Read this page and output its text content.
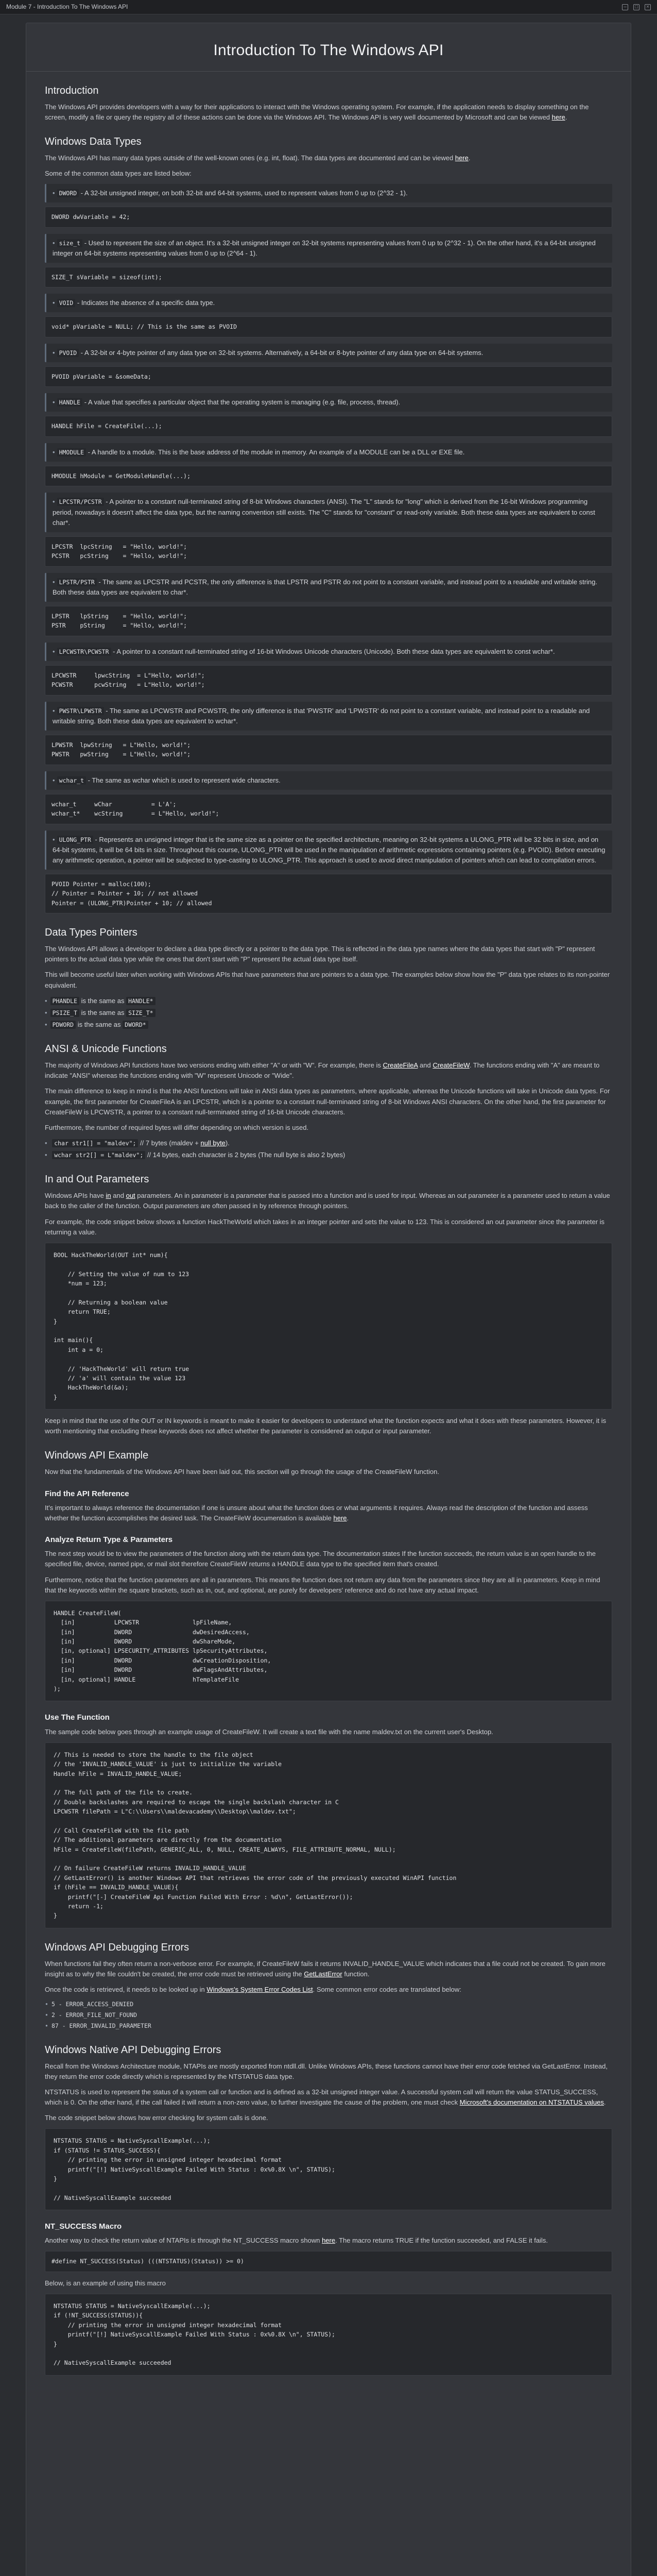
Module 7 - Introduction To The Windows API	–	□	×
Introduction To The Windows API
Introduction

The Windows API provides developers with a way for their applications to interact with the Windows operating system. For example, if the application needs to display something on the screen, modify a file or query the registry all of these actions can be done via the Windows API. The Windows API is very well documented by Microsoft and can be viewed here.

Windows Data Types

The Windows API has many data types outside of the well-known ones (e.g. int, float). The data types are documented and can be viewed here.

Some of the common data types are listed below:

• DWORD - A 32-bit unsigned integer, on both 32-bit and 64-bit systems, used to represent values from 0 up to (2^32 - 1).
DWORD dwVariable = 42;
• size_t - Used to represent the size of an object. It's a 32-bit unsigned integer on 32-bit systems representing values from 0 up to (2^32 - 1). On the other hand, it's a 64-bit unsigned integer on 64-bit systems representing values from 0 up to (2^64 - 1).
SIZE_T sVariable = sizeof(int);
• VOID - Indicates the absence of a specific data type.
void* pVariable = NULL; // This is the same as PVOID
• PVOID - A 32-bit or 4-byte pointer of any data type on 32-bit systems. Alternatively, a 64-bit or 8-byte pointer of any data type on 64-bit systems.
PVOID pVariable = &someData;
• HANDLE - A value that specifies a particular object that the operating system is managing (e.g. file, process, thread).
HANDLE hFile = CreateFile(...);
• HMODULE - A handle to a module. This is the base address of the module in memory. An example of a MODULE can be a DLL or EXE file.
HMODULE hModule = GetModuleHandle(...);
• LPCSTR/PCSTR - A pointer to a constant null-terminated string of 8-bit Windows characters (ANSI). The "L" stands for "long" which is derived from the 16-bit Windows programming period, nowadays it doesn't affect the data type, but the naming convention still exists. The "C" stands for "constant" or read-only variable. Both these data types are equivalent to const char*.
LPCSTR  lpcString   = "Hello, world!";
PCSTR   pcString    = "Hello, world!";
• LPSTR/PSTR - The same as LPCSTR and PCSTR, the only difference is that LPSTR and PSTR do not point to a constant variable, and instead point to a readable and writable string. Both these data types are equivalent to char*.
LPSTR   lpString    = "Hello, world!";
PSTR    pString     = "Hello, world!";
• LPCWSTR\PCWSTR - A pointer to a constant null-terminated string of 16-bit Windows Unicode characters (Unicode). Both these data types are equivalent to const wchar*.
LPCWSTR     lpwcString  = L"Hello, world!";
PCWSTR      pcwString   = L"Hello, world!";
• PWSTR\LPWSTR - The same as LPCWSTR and PCWSTR, the only difference is that 'PWSTR' and 'LPWSTR' do not point to a constant variable, and instead point to a readable and writable string. Both these data types are equivalent to wchar*.
LPWSTR  lpwString   = L"Hello, world!";
PWSTR   pwString    = L"Hello, world!";
• wchar_t - The same as wchar which is used to represent wide characters.
wchar_t     wChar           = L'A';
wchar_t*    wcString        = L"Hello, world!";
• ULONG_PTR - Represents an unsigned integer that is the same size as a pointer on the specified architecture, meaning on 32-bit systems a ULONG_PTR will be 32 bits in size, and on 64-bit systems, it will be 64 bits in size. Throughout this course, ULONG_PTR will be used in the manipulation of arithmetic expressions containing pointers (e.g. PVOID). Before executing any arithmetic operation, a pointer will be subjected to type-casting to ULONG_PTR. This approach is used to avoid direct manipulation of pointers which can lead to compilation errors.
PVOID Pointer = malloc(100);
// Pointer = Pointer + 10; // not allowed
Pointer = (ULONG_PTR)Pointer + 10; // allowed
Data Types Pointers

The Windows API allows a developer to declare a data type directly or a pointer to the data type. This is reflected in the data type names where the data types that start with "P" represent pointers to the actual data type while the ones that don't start with "P" represent the actual data type itself.

This will become useful later when working with Windows APIs that have parameters that are pointers to a data type. The examples below show how the "P" data type relates to its non-pointer equivalent.

• PHANDLE is the same as HANDLE*
• PSIZE_T is the same as SIZE_T*
• PDWORD is the same as DWORD*
ANSI & Unicode Functions

The majority of Windows API functions have two versions ending with either "A" or with "W". For example, there is CreateFileA and CreateFileW. The functions ending with "A" are meant to indicate "ANSI" whereas the functions ending with "W" represent Unicode or "Wide".

The main difference to keep in mind is that the ANSI functions will take in ANSI data types as parameters, where applicable, whereas the Unicode functions will take in Unicode data types. For example, the first parameter for CreateFileA is an LPCSTR, which is a pointer to a constant null-terminated string of 8-bit Windows ANSI characters. On the other hand, the first parameter for CreateFileW is LPCWSTR, a pointer to a constant null-terminated string of 16-bit Unicode characters.

Furthermore, the number of required bytes will differ depending on which version is used.

• char str1[] = "maldev"; // 7 bytes (maldev + null byte).
• wchar str2[] = L"maldev"; // 14 bytes, each character is 2 bytes (The null byte is also 2 bytes)
In and Out Parameters

Windows APIs have in and out parameters. An in parameter is a parameter that is passed into a function and is used for input. Whereas an out parameter is a parameter used to return a value back to the caller of the function. Output parameters are often passed in by reference through pointers.

For example, the code snippet below shows a function HackTheWorld which takes in an integer pointer and sets the value to 123. This is considered an out parameter since the parameter is returning a value.

BOOL HackTheWorld(OUT int* num){

// Setting the value of num to 123
*num = 123;

// Returning a boolean value
return TRUE;
}

int main(){
int a = 0;

// 'HackTheWorld' will return true
// 'a' will contain the value 123
HackTheWorld(&a);
}

Keep in mind that the use of the OUT or IN keywords is meant to make it easier for developers to understand what the function expects and what it does with these parameters. However, it is worth mentioning that excluding these keywords does not affect whether the parameter is considered an output or input parameter.

Windows API Example

Now that the fundamentals of the Windows API have been laid out, this section will go through the usage of the CreateFileW function.

Find the API Reference

It's important to always reference the documentation if one is unsure about what the function does or what arguments it requires. Always read the description of the function and assess whether the function accomplishes the desired task. The CreateFileW documentation is available here.

Analyze Return Type & Parameters

The next step would be to view the parameters of the function along with the return data type. The documentation states If the function succeeds, the return value is an open handle to the specified file, device, named pipe, or mail slot therefore CreateFileW returns a HANDLE data type to the specified item that's created.

Furthermore, notice that the function parameters are all in parameters. This means the function does not return any data from the parameters since they are all in parameters. Keep in mind that the keywords within the square brackets, such as in, out, and optional, are purely for developers' reference and do not have any actual impact.

HANDLE CreateFileW(
[in]           LPCWSTR               lpFileName,
[in]           DWORD                 dwDesiredAccess,
[in]           DWORD                 dwShareMode,
[in, optional] LPSECURITY_ATTRIBUTES lpSecurityAttributes,
[in]           DWORD                 dwCreationDisposition,
[in]           DWORD                 dwFlagsAndAttributes,
[in, optional] HANDLE                hTemplateFile
);
Use The Function

The sample code below goes through an example usage of CreateFileW. It will create a text file with the name maldev.txt on the current user's Desktop.

// This is needed to store the handle to the file object
// the 'INVALID_HANDLE_VALUE' is just to initialize the variable
Handle hFile = INVALID_HANDLE_VALUE;

// The full path of the file to create.
// Double backslashes are required to escape the single backslash character in C
LPCWSTR filePath = L"C:\\Users\\maldevacademy\\Desktop\\maldev.txt";

// Call CreateFileW with the file path
// The additional parameters are directly from the documentation
hFile = CreateFileW(filePath, GENERIC_ALL, 0, NULL, CREATE_ALWAYS, FILE_ATTRIBUTE_NORMAL, NULL);

// On failure CreateFileW returns INVALID_HANDLE_VALUE
// GetLastError() is another Windows API that retrieves the error code of the previously executed WinAPI function
if (hFile == INVALID_HANDLE_VALUE){
printf("[-] CreateFileW Api Function Failed With Error : %d\n", GetLastError());
return -1;
}
Windows API Debugging Errors

When functions fail they often return a non-verbose error. For example, if CreateFileW fails it returns INVALID_HANDLE_VALUE which indicates that a file could not be created. To gain more insight as to why the file couldn't be created, the error code must be retrieved using the GetLastError function.

Once the code is retrieved, it needs to be looked up in Windows's System Error Codes List. Some common error codes are translated below:

• 5 - ERROR_ACCESS_DENIED
• 2 - ERROR_FILE_NOT_FOUND
• 87 - ERROR_INVALID_PARAMETER
Windows Native API Debugging Errors

Recall from the Windows Architecture module, NTAPIs are mostly exported from ntdll.dll. Unlike Windows APIs, these functions cannot have their error code fetched via GetLastError. Instead, they return the error code directly which is represented by the NTSTATUS data type.

NTSTATUS is used to represent the status of a system call or function and is defined as a 32-bit unsigned integer value. A successful system call will return the value STATUS_SUCCESS, which is 0. On the other hand, if the call failed it will return a non-zero value, to further investigate the cause of the problem, one must check Microsoft's documentation on NTSTATUS values.

The code snippet below shows how error checking for system calls is done.

NTSTATUS STATUS = NativeSyscallExample(...);
if (STATUS != STATUS_SUCCESS){
// printing the error in unsigned integer hexadecimal format
printf("[!] NativeSyscallExample Failed With Status : 0x%0.8X \n", STATUS);
}

// NativeSyscallExample succeeded
NT_SUCCESS Macro

Another way to check the return value of NTAPIs is through the NT_SUCCESS macro shown here. The macro returns TRUE if the function succeeded, and FALSE it fails.

#define NT_SUCCESS(Status) (((NTSTATUS)(Status)) >= 0)

Below, is an example of using this macro

NTSTATUS STATUS = NativeSyscallExample(...);
if (!NT_SUCCESS(STATUS)){
// printing the error in unsigned integer hexadecimal format
printf("[!] NativeSyscallExample Failed With Status : 0x%0.8X \n", STATUS);
}

// NativeSyscallExample succeeded
